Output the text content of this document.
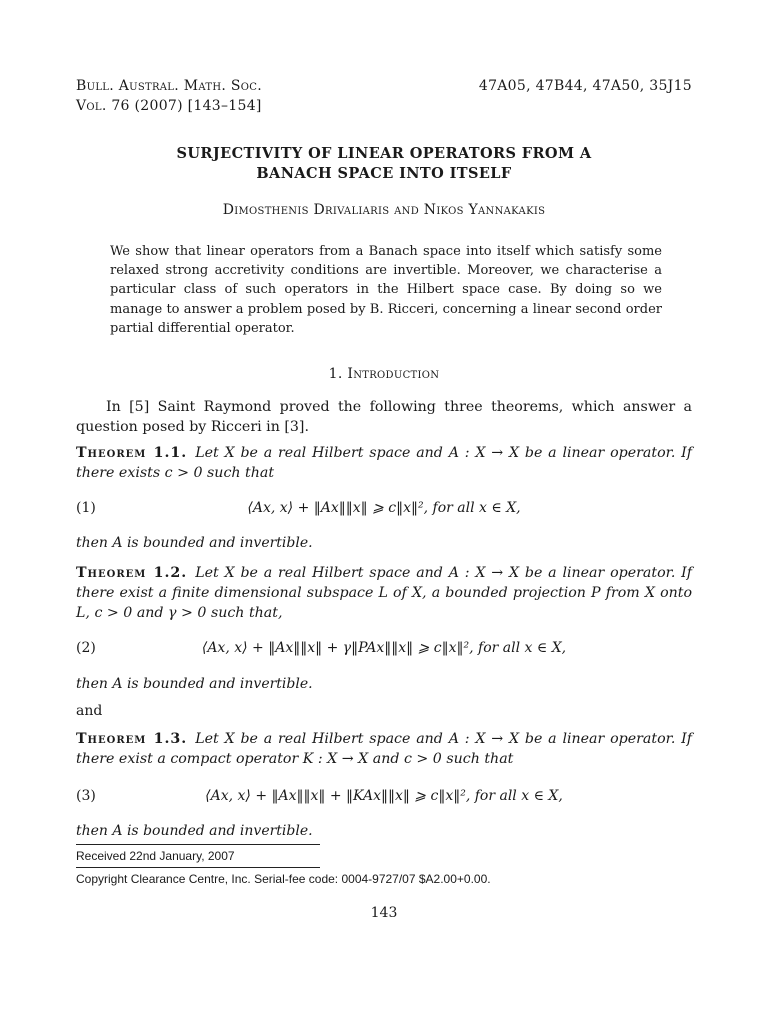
Bull. Austral. Math. Soc.
Vol. 76 (2007) [143–154]
47A05, 47B44, 47A50, 35J15
SURJECTIVITY OF LINEAR OPERATORS FROM A
BANACH SPACE INTO ITSELF
Dimosthenis Drivaliaris and Nikos Yannakakis
We show that linear operators from a Banach space into itself which satisfy some relaxed strong accretivity conditions are invertible. Moreover, we characterise a particular class of such operators in the Hilbert space case. By doing so we manage to answer a problem posed by B. Ricceri, concerning a linear second order partial differential operator.
1. Introduction
In [5] Saint Raymond proved the following three theorems, which answer a question posed by Ricceri in [3].
Theorem 1.1. Let X be a real Hilbert space and A : X → X be a linear operator. If there exists c > 0 such that
(1)	⟨Ax, x⟩ + ‖Ax‖‖x‖ ⩾ c‖x‖², for all x ∈ X,
then A is bounded and invertible.
Theorem 1.2. Let X be a real Hilbert space and A : X → X be a linear operator. If there exist a finite dimensional subspace L of X, a bounded projection P from X onto L, c > 0 and γ > 0 such that,
(2)	⟨Ax, x⟩ + ‖Ax‖‖x‖ + γ‖PAx‖‖x‖ ⩾ c‖x‖², for all x ∈ X,
then A is bounded and invertible.
and
Theorem 1.3. Let X be a real Hilbert space and A : X → X be a linear operator. If there exist a compact operator K : X → X and c > 0 such that
(3)	⟨Ax, x⟩ + ‖Ax‖‖x‖ + ‖KAx‖‖x‖ ⩾ c‖x‖², for all x ∈ X,
then A is bounded and invertible.
Received 22nd January, 2007
Copyright Clearance Centre, Inc. Serial-fee code: 0004-9727/07 $A2.00+0.00.
143
